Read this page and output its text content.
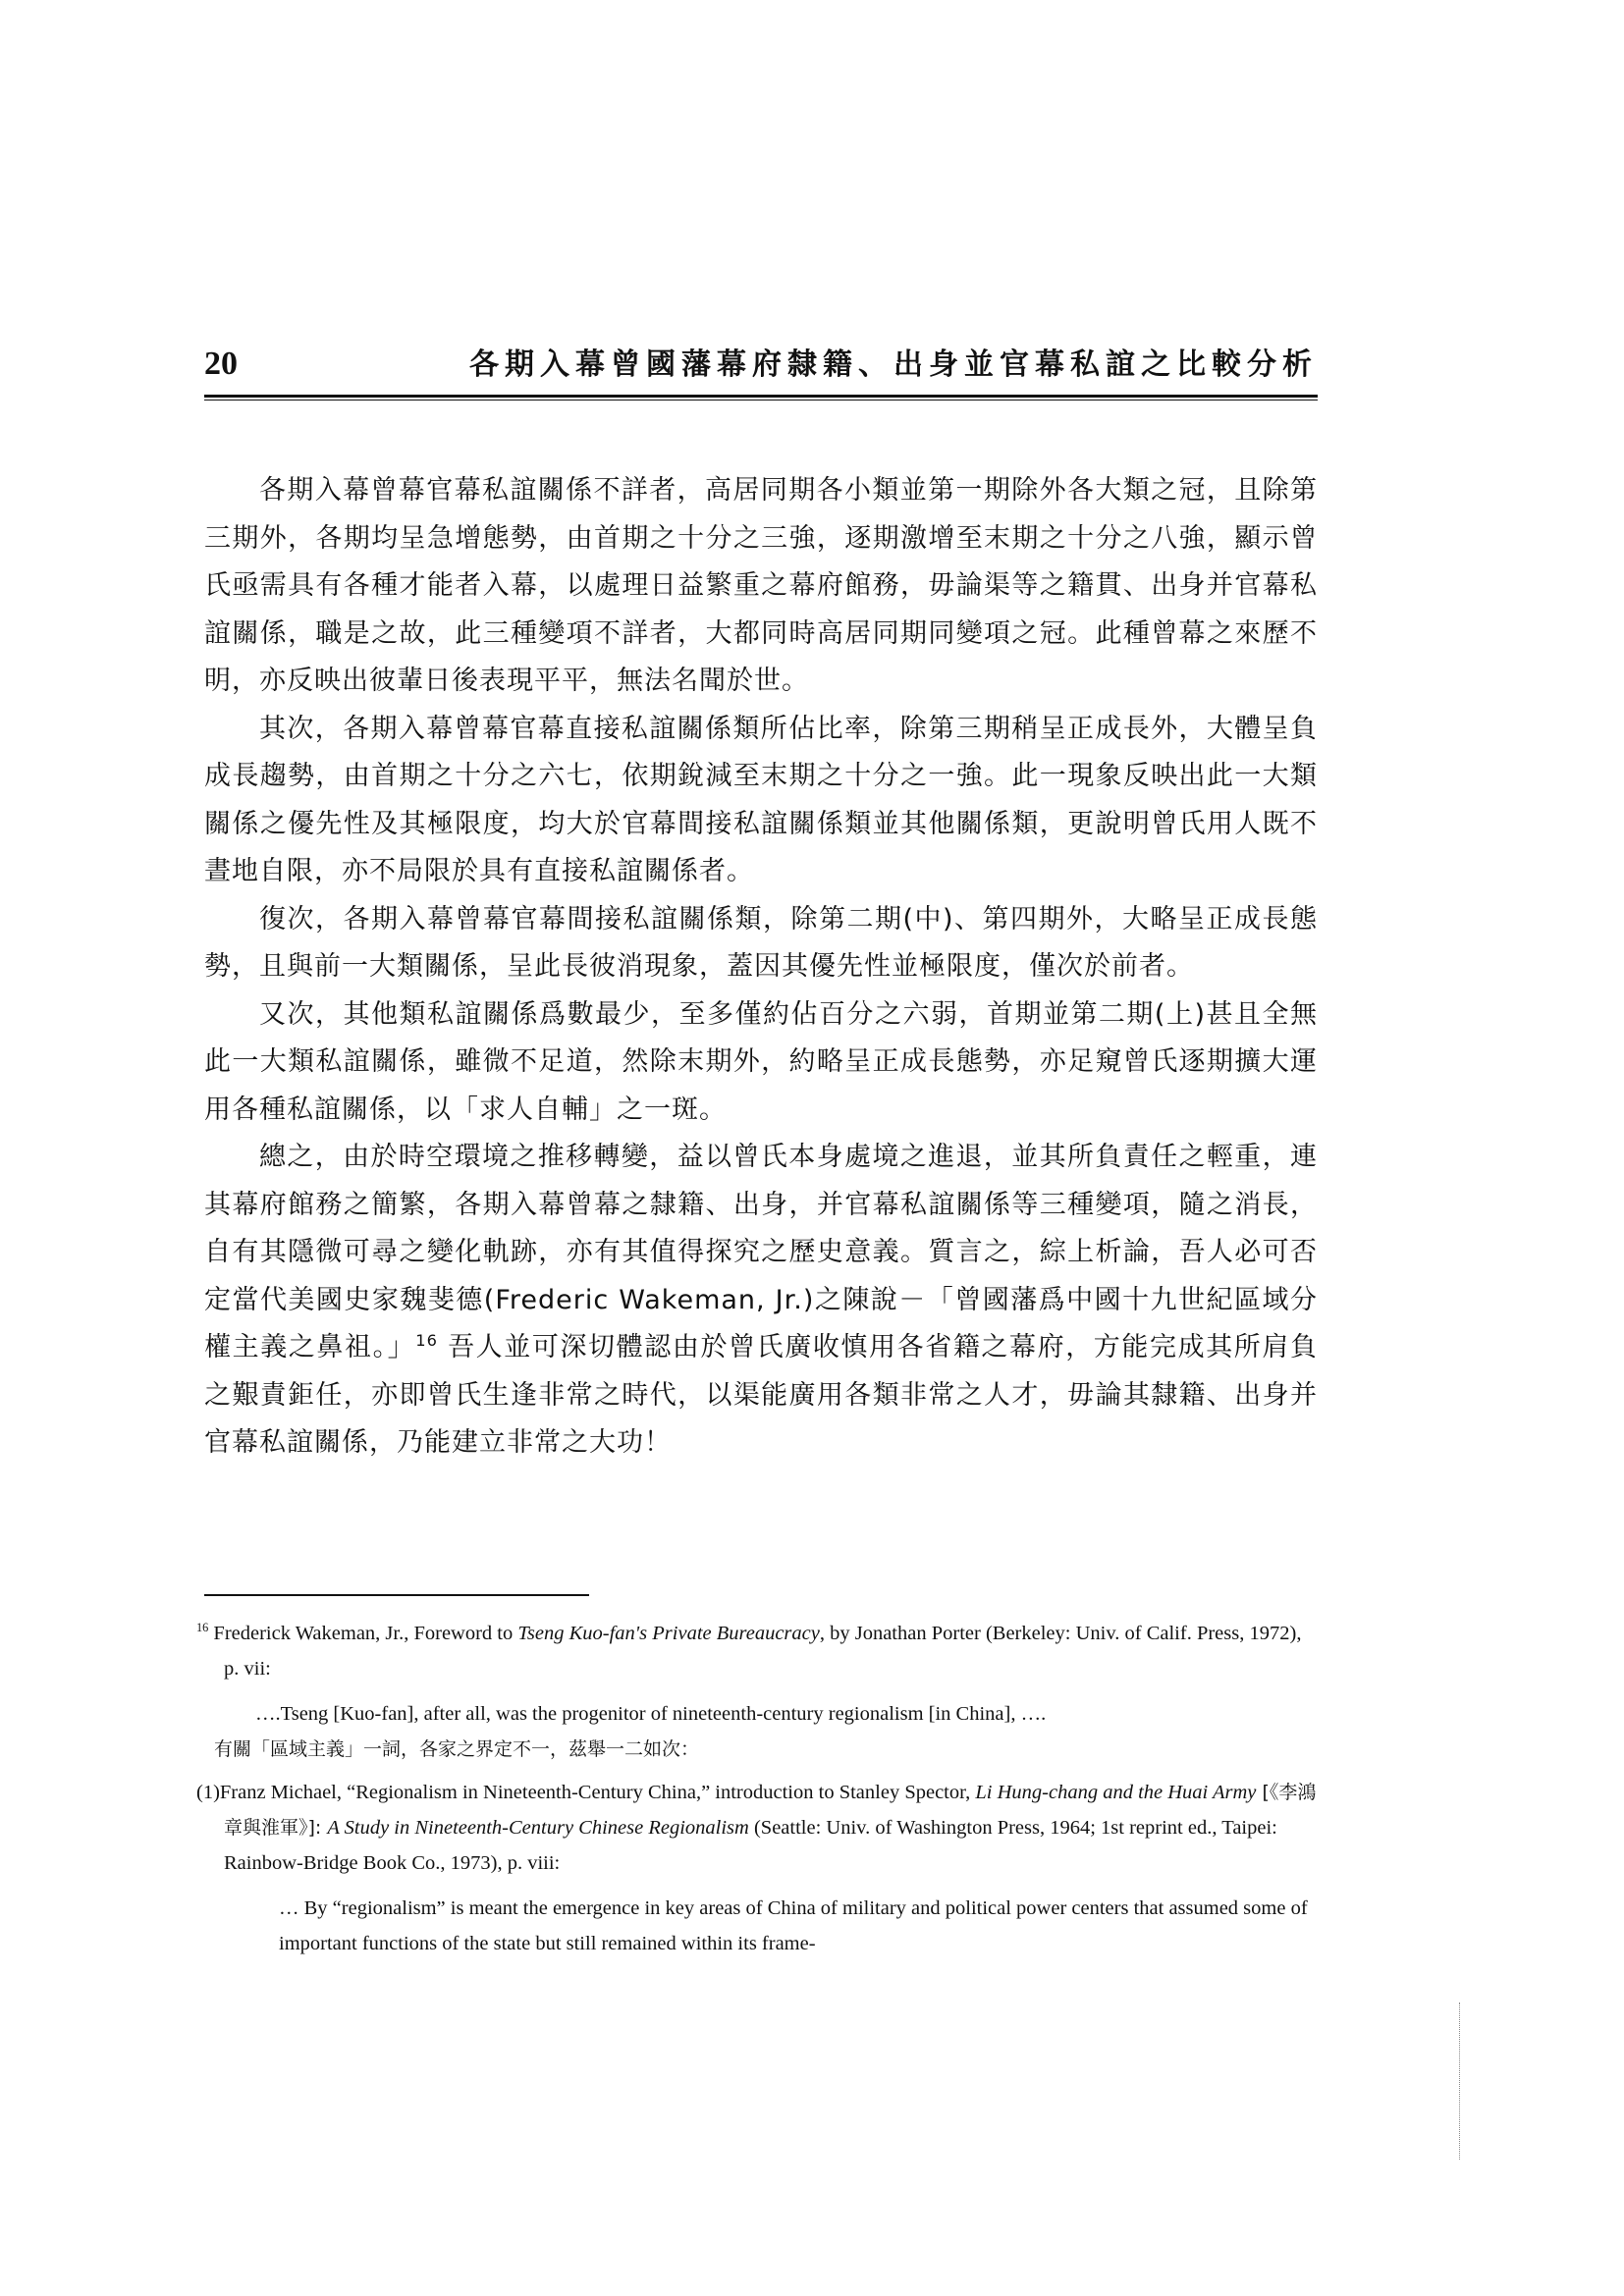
20	各期入幕曾國藩幕府隸籍、出身並官幕私誼之比較分析

各期入幕曾幕官幕私誼關係不詳者，高居同期各小類並第一期除外各大類之冠，且除第三期外，各期均呈急增態勢，由首期之十分之三強，逐期激增至末期之十分之八強，顯示曾氏亟需具有各種才能者入幕，以處理日益繁重之幕府館務，毋論渠等之籍貫、出身并官幕私誼關係，職是之故，此三種變項不詳者，大都同時高居同期同變項之冠。此種曾幕之來歷不明，亦反映出彼輩日後表現平平，無法名聞於世。

其次，各期入幕曾幕官幕直接私誼關係類所佔比率，除第三期稍呈正成長外，大體呈負成長趨勢，由首期之十分之六七，依期銳減至末期之十分之一強。此一現象反映出此一大類關係之優先性及其極限度，均大於官幕間接私誼關係類並其他關係類，更說明曾氏用人既不晝地自限，亦不局限於具有直接私誼關係者。

復次，各期入幕曾幕官幕間接私誼關係類，除第二期(中)、第四期外，大略呈正成長態勢，且與前一大類關係，呈此長彼消現象，蓋因其優先性並極限度，僅次於前者。

又次，其他類私誼關係爲數最少，至多僅約佔百分之六弱，首期並第二期(上)甚且全無此一大類私誼關係，雖微不足道，然除末期外，約略呈正成長態勢，亦足窺曾氏逐期擴大運用各種私誼關係，以「求人自輔」之一斑。

總之，由於時空環境之推移轉變，益以曾氏本身處境之進退，並其所負責任之輕重，連其幕府館務之簡繁，各期入幕曾幕之隸籍、出身，并官幕私誼關係等三種變項，隨之消長，自有其隱微可尋之變化軌跡，亦有其值得探究之歷史意義。質言之，綜上析論，吾人必可否定當代美國史家魏斐德(Frederic Wakeman, Jr.)之陳說－「曾國藩爲中國十九世紀區域分權主義之鼻祖。」$^{16}$ 吾人並可深切體認由於曾氏廣收慎用各省籍之幕府，方能完成其所肩負之艱責鉅任，亦即曾氏生逢非常之時代，以渠能廣用各類非常之人才，毋論其隸籍、出身并官幕私誼關係，乃能建立非常之大功！

$^{16}$ Frederick Wakeman, Jr., Foreword to Tseng Kuo-fan's Private Bureaucracy, by Jonathan Porter (Berkeley: Univ. of Calif. Press, 1972), p. vii:

….Tseng [Kuo-fan], after all, was the progenitor of nineteenth-century regionalism [in China], ….

有關「區域主義」一詞，各家之界定不一，茲舉一二如次：

(1)Franz Michael, “Regionalism in Nineteenth-Century China,” introduction to Stanley Spector, Li Hung-chang and the Huai Army [《李鴻章與淮軍》]: A Study in Nineteenth-Century Chinese Regionalism (Seattle: Univ. of Washington Press, 1964; 1st reprint ed., Taipei: Rainbow-Bridge Book Co., 1973), p. viii:

… By “regionalism” is meant the emergence in key areas of China of military and political power centers that assumed some of important functions of the state but still remained within its frame-
